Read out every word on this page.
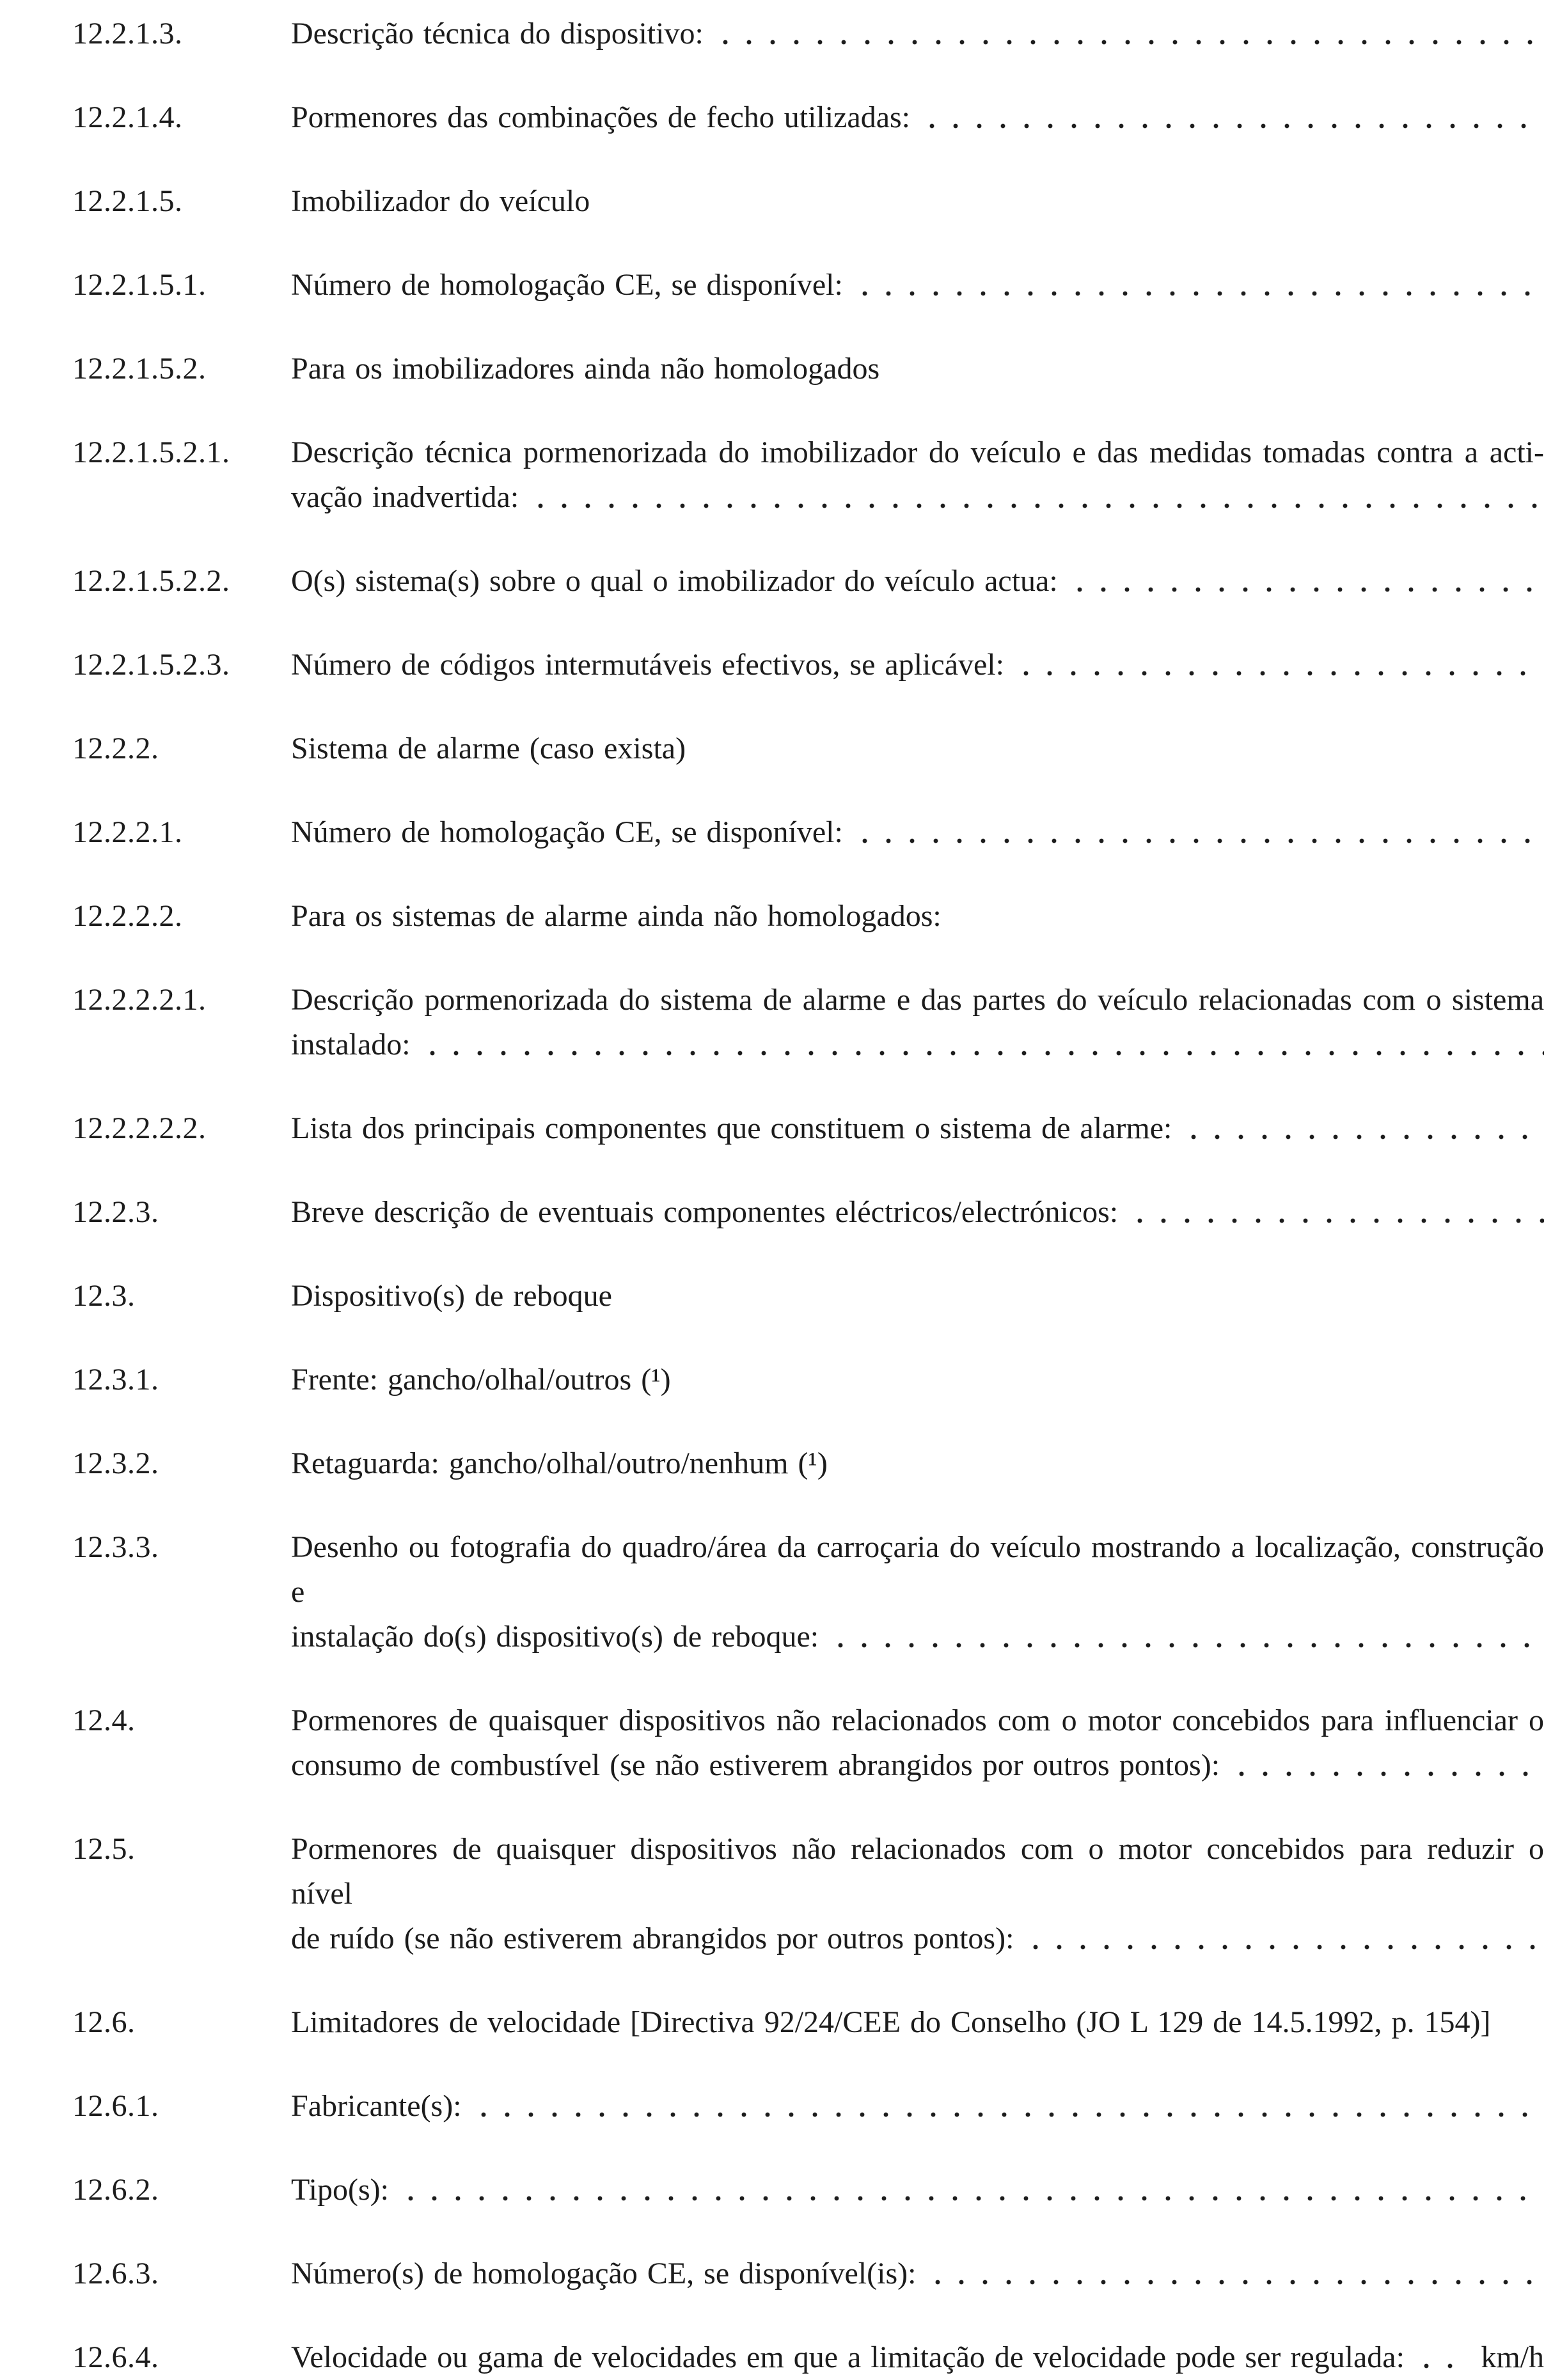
12.2.1.3.	Descrição técnica do dispositivo:
12.2.1.4.	Pormenores das combinações de fecho utilizadas:
12.2.1.5.	Imobilizador do veículo
12.2.1.5.1.	Número de homologação CE, se disponível:
12.2.1.5.2.	Para os imobilizadores ainda não homologados
12.2.1.5.2.1.	Descrição técnica pormenorizada do imobilizador do veículo e das medidas tomadas contra a acti-
vação inadvertida:
12.2.1.5.2.2.	O(s) sistema(s) sobre o qual o imobilizador do veículo actua:
12.2.1.5.2.3.	Número de códigos intermutáveis efectivos, se aplicável:
12.2.2.	Sistema de alarme (caso exista)
12.2.2.1.	Número de homologação CE, se disponível:
12.2.2.2.	Para os sistemas de alarme ainda não homologados:
12.2.2.2.1.	Descrição pormenorizada do sistema de alarme e das partes do veículo relacionadas com o sistema
instalado:
12.2.2.2.2.	Lista dos principais componentes que constituem o sistema de alarme:
12.2.3.	Breve descrição de eventuais componentes eléctricos/electrónicos:
12.3.	Dispositivo(s) de reboque
12.3.1.	Frente: gancho/olhal/outros (¹)
12.3.2.	Retaguarda: gancho/olhal/outro/nenhum (¹)
12.3.3.	Desenho ou fotografia do quadro/área da carroçaria do veículo mostrando a localização, construção e
instalação do(s) dispositivo(s) de reboque:
12.4.	Pormenores de quaisquer dispositivos não relacionados com o motor concebidos para influenciar o
consumo de combustível (se não estiverem abrangidos por outros pontos):
12.5.	Pormenores de quaisquer dispositivos não relacionados com o motor concebidos para reduzir o nível
de ruído (se não estiverem abrangidos por outros pontos):
12.6.	Limitadores de velocidade [Directiva 92/24/CEE do Conselho (JO L 129 de 14.5.1992, p. 154)]
12.6.1.	Fabricante(s):
12.6.2.	Tipo(s):
12.6.3.	Número(s) de homologação CE, se disponível(is):
12.6.4.	Velocidade ou gama de velocidades em que a limitação de velocidade pode ser regulada: km/h
